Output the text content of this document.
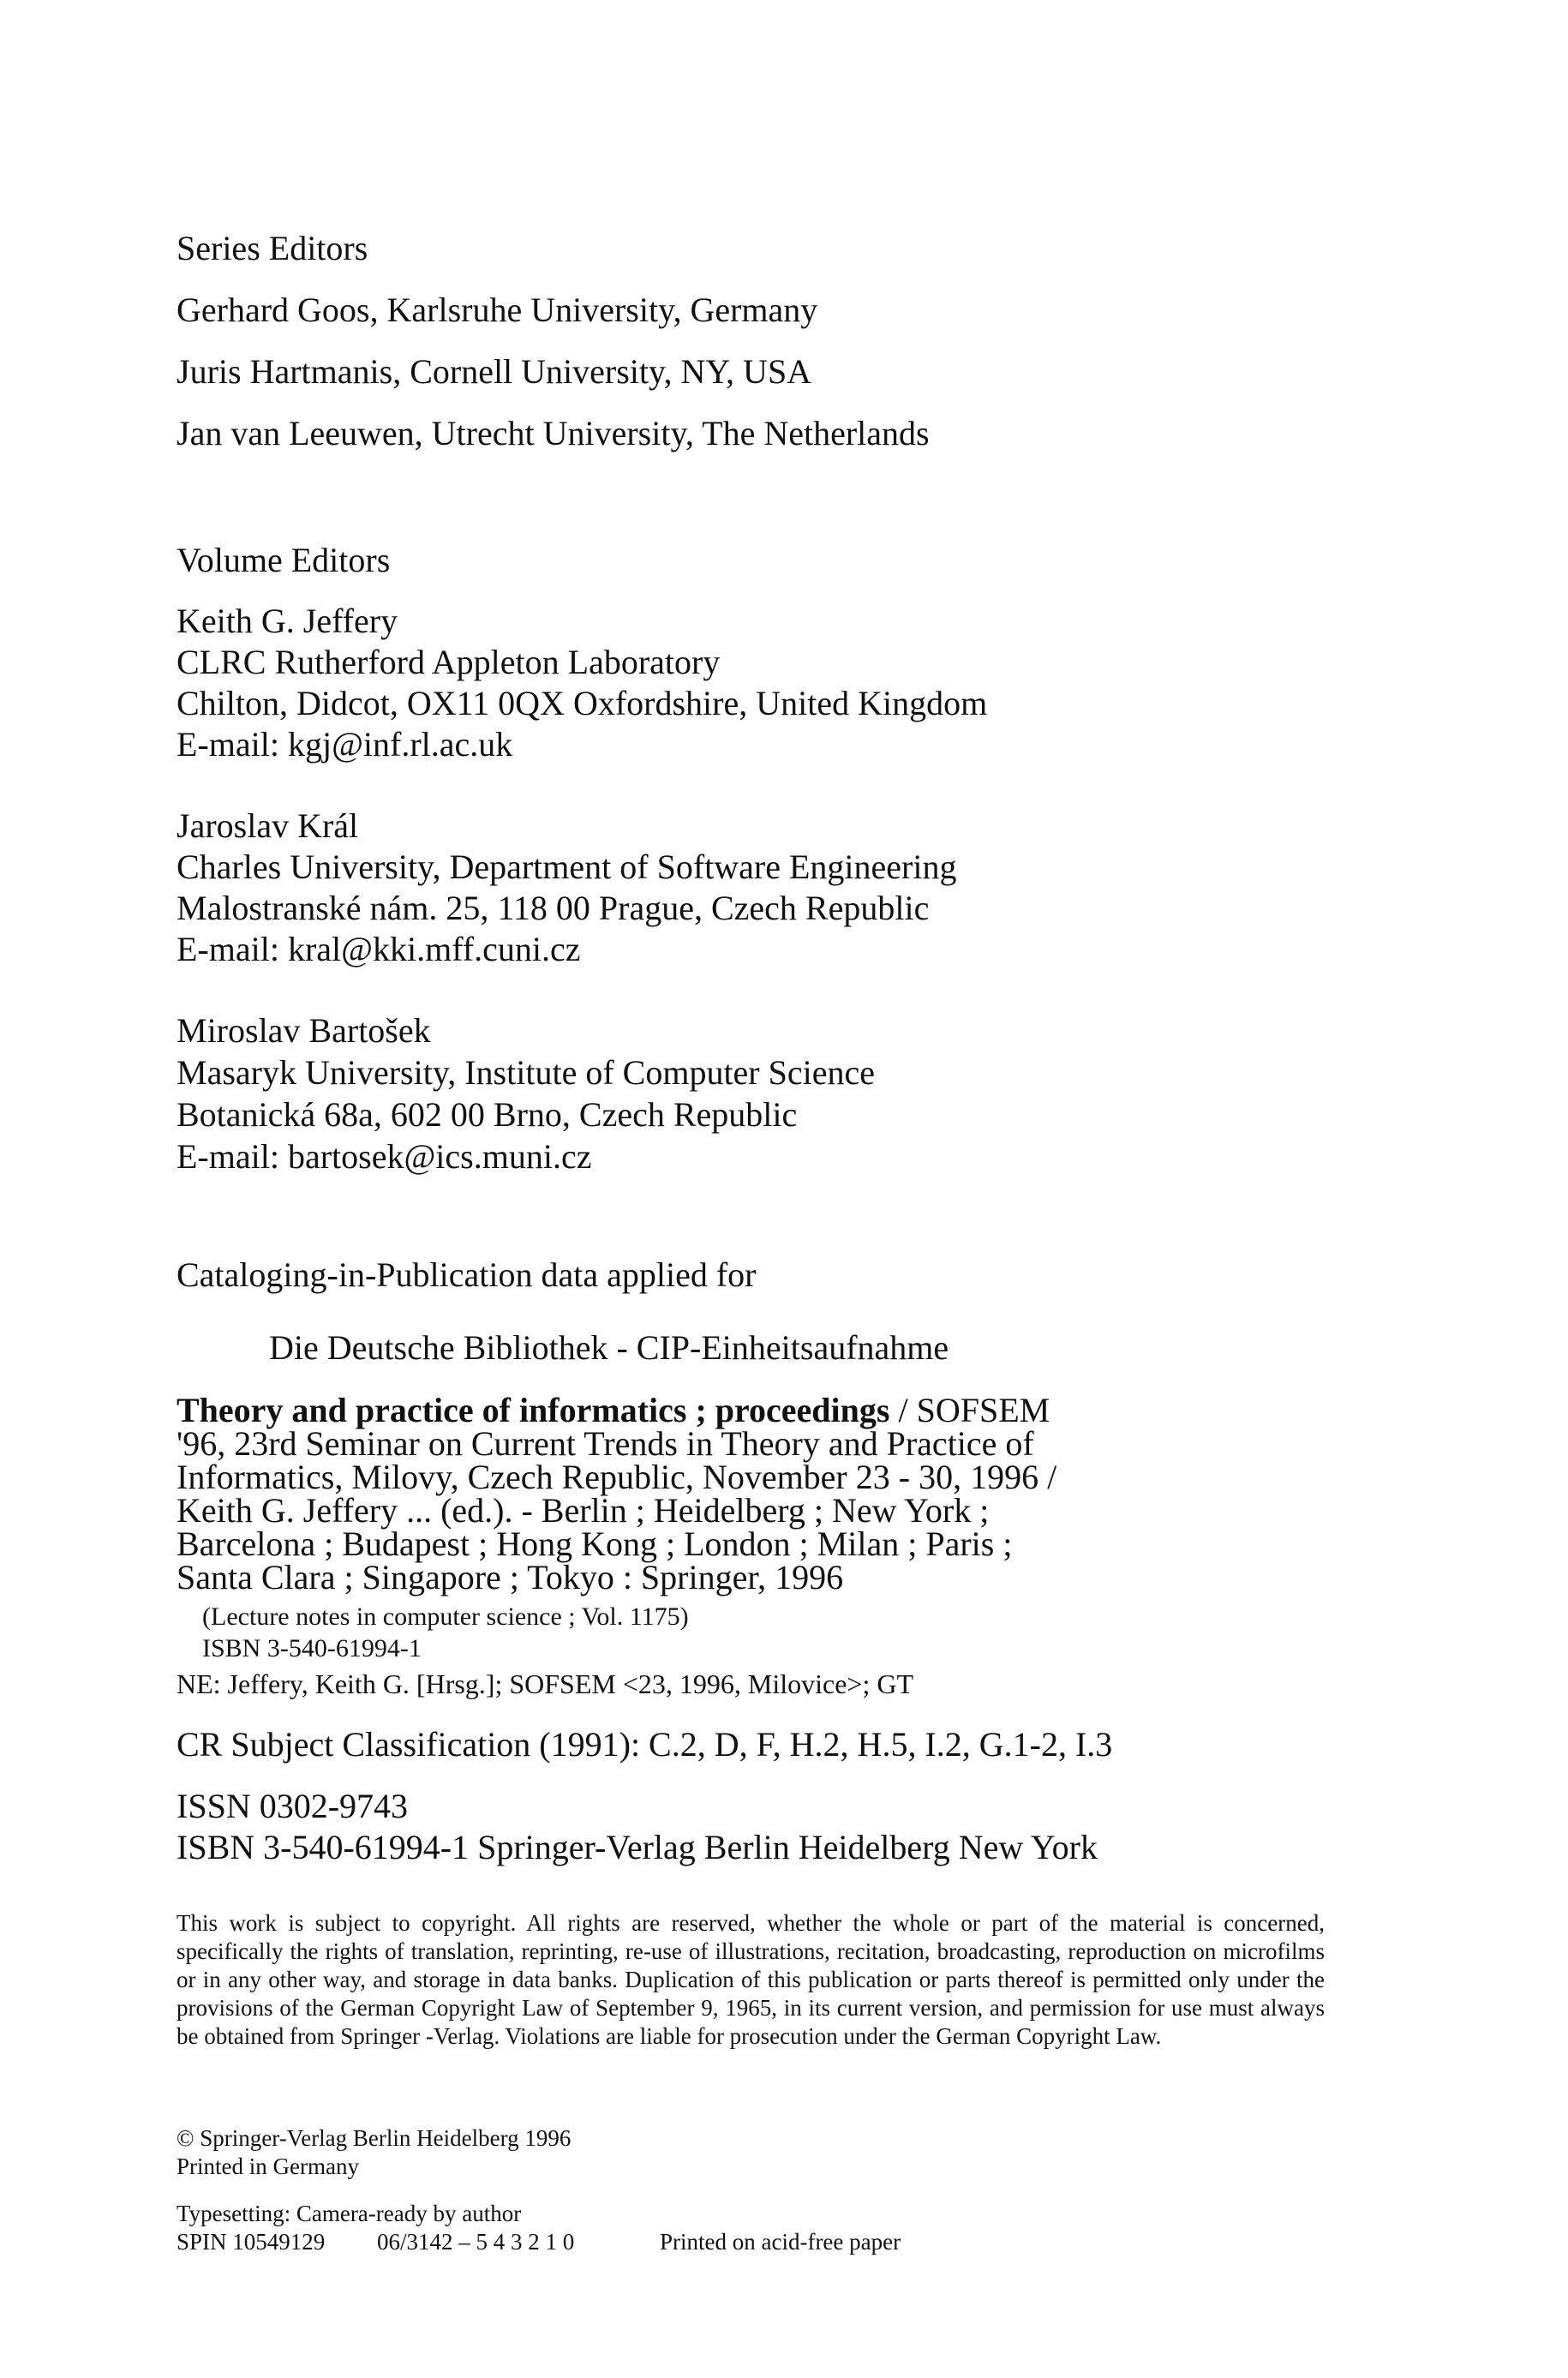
Series Editors
Gerhard Goos, Karlsruhe University, Germany
Juris Hartmanis, Cornell University, NY, USA
Jan van Leeuwen, Utrecht University, The Netherlands
Volume Editors
Keith G. Jeffery
CLRC Rutherford Appleton Laboratory
Chilton, Didcot, OX11 0QX Oxfordshire, United Kingdom
E-mail: kgj@inf.rl.ac.uk
Jaroslav Král
Charles University, Department of Software Engineering
Malostranské nám. 25, 118 00 Prague, Czech Republic
E-mail: kral@kki.mff.cuni.cz
Miroslav Bartošek
Masaryk University, Institute of Computer Science
Botanická 68a, 602 00 Brno, Czech Republic
E-mail: bartosek@ics.muni.cz
Cataloging-in-Publication data applied for
Die Deutsche Bibliothek - CIP-Einheitsaufnahme
Theory and practice of informatics ; proceedings / SOFSEM
'96, 23rd Seminar on Current Trends in Theory and Practice of
Informatics, Milovy, Czech Republic, November 23 - 30, 1996 /
Keith G. Jeffery ... (ed.). - Berlin ; Heidelberg ; New York ;
Barcelona ; Budapest ; Hong Kong ; London ; Milan ; Paris ;
Santa Clara ; Singapore ; Tokyo : Springer, 1996
(Lecture notes in computer science ; Vol. 1175)
ISBN 3-540-61994-1
NE: Jeffery, Keith G. [Hrsg.]; SOFSEM <23, 1996, Milovice>; GT
CR Subject Classification (1991): C.2, D, F, H.2, H.5, I.2, G.1-2, I.3
ISSN 0302-9743
ISBN 3-540-61994-1 Springer-Verlag Berlin Heidelberg New York
This work is subject to copyright. All rights are reserved, whether the whole or part of the material is concerned, specifically the rights of translation, reprinting, re-use of illustrations, recitation, broadcasting, reproduction on microfilms or in any other way, and storage in data banks. Duplication of this publication or parts thereof is permitted only under the provisions of the German Copyright Law of September 9, 1965, in its current version, and permission for use must always be obtained from Springer -Verlag. Violations are liable for prosecution under the German Copyright Law.
© Springer-Verlag Berlin Heidelberg 1996
Printed in Germany
Typesetting: Camera-ready by author
SPIN 10549129 06/3142 – 5 4 3 2 1 0	Printed on acid-free paper
